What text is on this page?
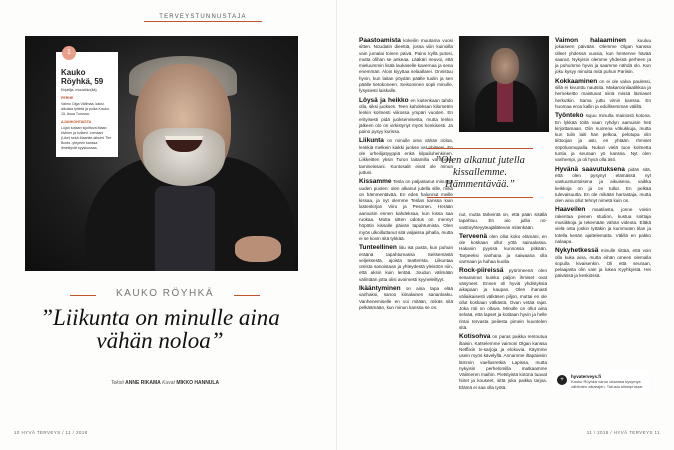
TERVEYSTUNNUSTAJA
Kauko Röyhkä, 59
Kirjailija, muusikko(kä)
PERHE
Vaimo Olga Välimaa, kaksi aikuista tytärtä ja poika Kauko, 15, Asua Turussa.
AJANKOHTAISTA
Lojan sotaan sijoittuva Maan kivinen ja kulkevi -romaani (Like) sekä Maanite-albumi The Boots -yhtyeen kanssa ilmestyvät syyskuussa.
1
KAUKO RÖYHKÄ
”Liikunta on minulle aina vähän noloa”
Teksti ANNE RIKAMA Kuvat MIKKO HANNULA
10 HYVÄ TERVEYS / 11 / 2018

Paastoamista kokeilin muutama vuosi sitten. Noudatin dieettiä, jossa viiin kuinoilla vain jumalai toinen päivä. Paino kyllä putosi, mutta olihan se ankeaa. Lääkäri neuvoi, että mieluummin lisää laukaselle kavernaa ja sena enemmän. Aloin kiyyttaa selaallarei. Onnistuu hyvin, kun laitan pöydän päälle tuolin ja sen päälle tietokoneen. Seisominen sopii minulle, fysysiesti laiskalle.

Löysä ja heikko en kuitenkaan tahdo olla, siksi juoksen. Teen kahdeksan kilometrin lenkin kolmesti viikossa ympäri vuoden. En erityisesti pidä juoksemisesta, mutta lenkin jälkeen olo on virkistynyt myös henkisesti. Ja paino pysyy kurissa.

Liikunta on minulle aina vähän noloa, lenkkiä melkein kaikki juokse vat ohitseni. En ole urheilijatyyppiä enkä kilpailuhenkinen. Liikkeitten yksin Turun laitamilla vanhoissa tamineissani. Kuntosalit eivät ole minun juttuni.

Kissamme Tesla on paljastanut minussa uuden puolen: olen alkanut jutella sille, mikä on hämmentävää. En edes halunnut meille kissaa, ja nyt olemme Teslan kanssa kuin lastenkirjan Viiru ja Pesonen. Herään aamuisin ennen kahdeksaa, kun kissa saa ruokaa. Mutta sitten odotus on mennyt höpötin kissalle päivän tapahtumista. Olen myös ulkoilluttanut sitä valjaissa pihalla, mutta ei se kovin sitä tykkää.

Tunteellinen liitu isä pastä, kun puhuin eräänä tapahtumassa Seitsemästä veljeksestä, ajoista teatterista. Liikuntaa omista sanoistaan ja yhteydestä yleisöön niin, että aksin kuin lentää. Joudun välimään välintään jotta olisi avoimesti kyyneleiltyyt.

Ikääntyminen on aina tapa elää vanhaksi, sanoo kiinalainen sananlasku. Vanhenemiselle en voi mitään, mikäs sitä pelkäämään, kun minun kanssa se on.

”Olen alkanut jutella kissallemme. Hämmentävää.”

nut, mutta tärkeintä on, että pään sisällä tapahtuu. En aio jullia no- vasttoyhteyyteajällätevan mitenkään.

Terveenä olen ollut koko elämäni, en ole koskaan ollut yötä sairaalassa. Hakanin pyyssä kunnossa pitkään. Tarpeeksi vanhana ja saiwaana olla varmaan ja hahaa kuolla.

Rock-piireissä pyörimeenä olen sesarannut kuinka paljon ihmiset ovat väsyneet. Ennen oli hyviä yhdistyksiä aikapaan ja kaupan. Olen ihanasti väliaikaisesti välkäsen piljon, muttai en ole ollut koskaan välkästä. Ovan vetää rajat. Joka roti on oltava. Minulle on ollut aina selvää, että lapset ja kotitaan hyvin ja helle rintai tervasta peilesta pimein kuuntelen sitä.

Kotisohva on paras paikka rentoutua iltaisin. Katselemme vaimoni Olgan kanssa Netflixin tv-sarjoja ja elokuvia. Käymme usein myös kävelyllä. Annamme iltapäivisin lämmin vaellusretkiä Lapissa, mutta nykyisin perhelomilla matkaamme Välimeren maihin. Pietstyistä kotona tuavat hiiret ja kouseet, sittä joka paikka tarjoa. Elämä ei saa olla työtä.

Vaimon halaaminen	kuuluu jokaiseen päivään. Olemme Olgan kanssa olleet yhdessä vuosia, kun hentenne hävää saanut. Nykyisin olemme yhdessä perheen ja ja puhumme hyvin ja saamme nähdä olo. Kun joku kysyy minulta mitä puhun Pariisin.

Kokkaaminen on ei ole valva paulessi, sillä ei kivunttu nautsita. Makaroonilaatikkoa ja hernekeitto maistuvat niinä missä läimaset herkutkin. Sama juttu viinin kanssa. En huomaa eroa kallin ja edullisemman välillä.

Työnteko sujuu minulta mainiosti kotona. En lykkää töitä vaan ryhdyn aamuisin heti kirjoittamaan. Olin nuorena vökukkuja, mutta kun tulin laiti hän pelkoa, pelotupa olin tiittoojan ja asti, en yhtään. Ihmiset söpöluomupalla. Nukun vielä tuon kolmetta tuntia ja seuraan yö kanssa. Nyt olen vanhempi, ja oli hyvä olla asti.

Hyvänä saavutuksena pidän sitä, että olen pysynyt elämässä nyt vastuuntuntoisena ja aikuisena, vaikka keikkoja on ja on tullut. En pelkää tulevaisuutta. En ole mikään harrastaja, mutta olen aina ollut tehnyt nimetä kuin on.

Haaveilen maatilasta, jonne voisin rakentaa pienen studion, kustua soittaja musiikkoja ja tekemään vähän videota. Eläkä vielä osta joskin tyttäkin ja kummuten tilan ja totella kesän ajattelematta. Välillä en pakko nalaapa.

Nykyhetkessä minulle riittää, että voin olla kuka aina, mutta eihän omeen olemalla sopulla kivaisenkin. Oli että seuraan, pelaajasta olin vain ja lukea Kyyhkyistä. Hei päivässä ja keskiössä.

+
hyvaterveys.fi
Kauko Röyhkä varoo oksansa kysymys vähitoten aikarajen. Tutustu kiinniprosse.
11 / 2018 / HYVÄ TERVEYS 11
